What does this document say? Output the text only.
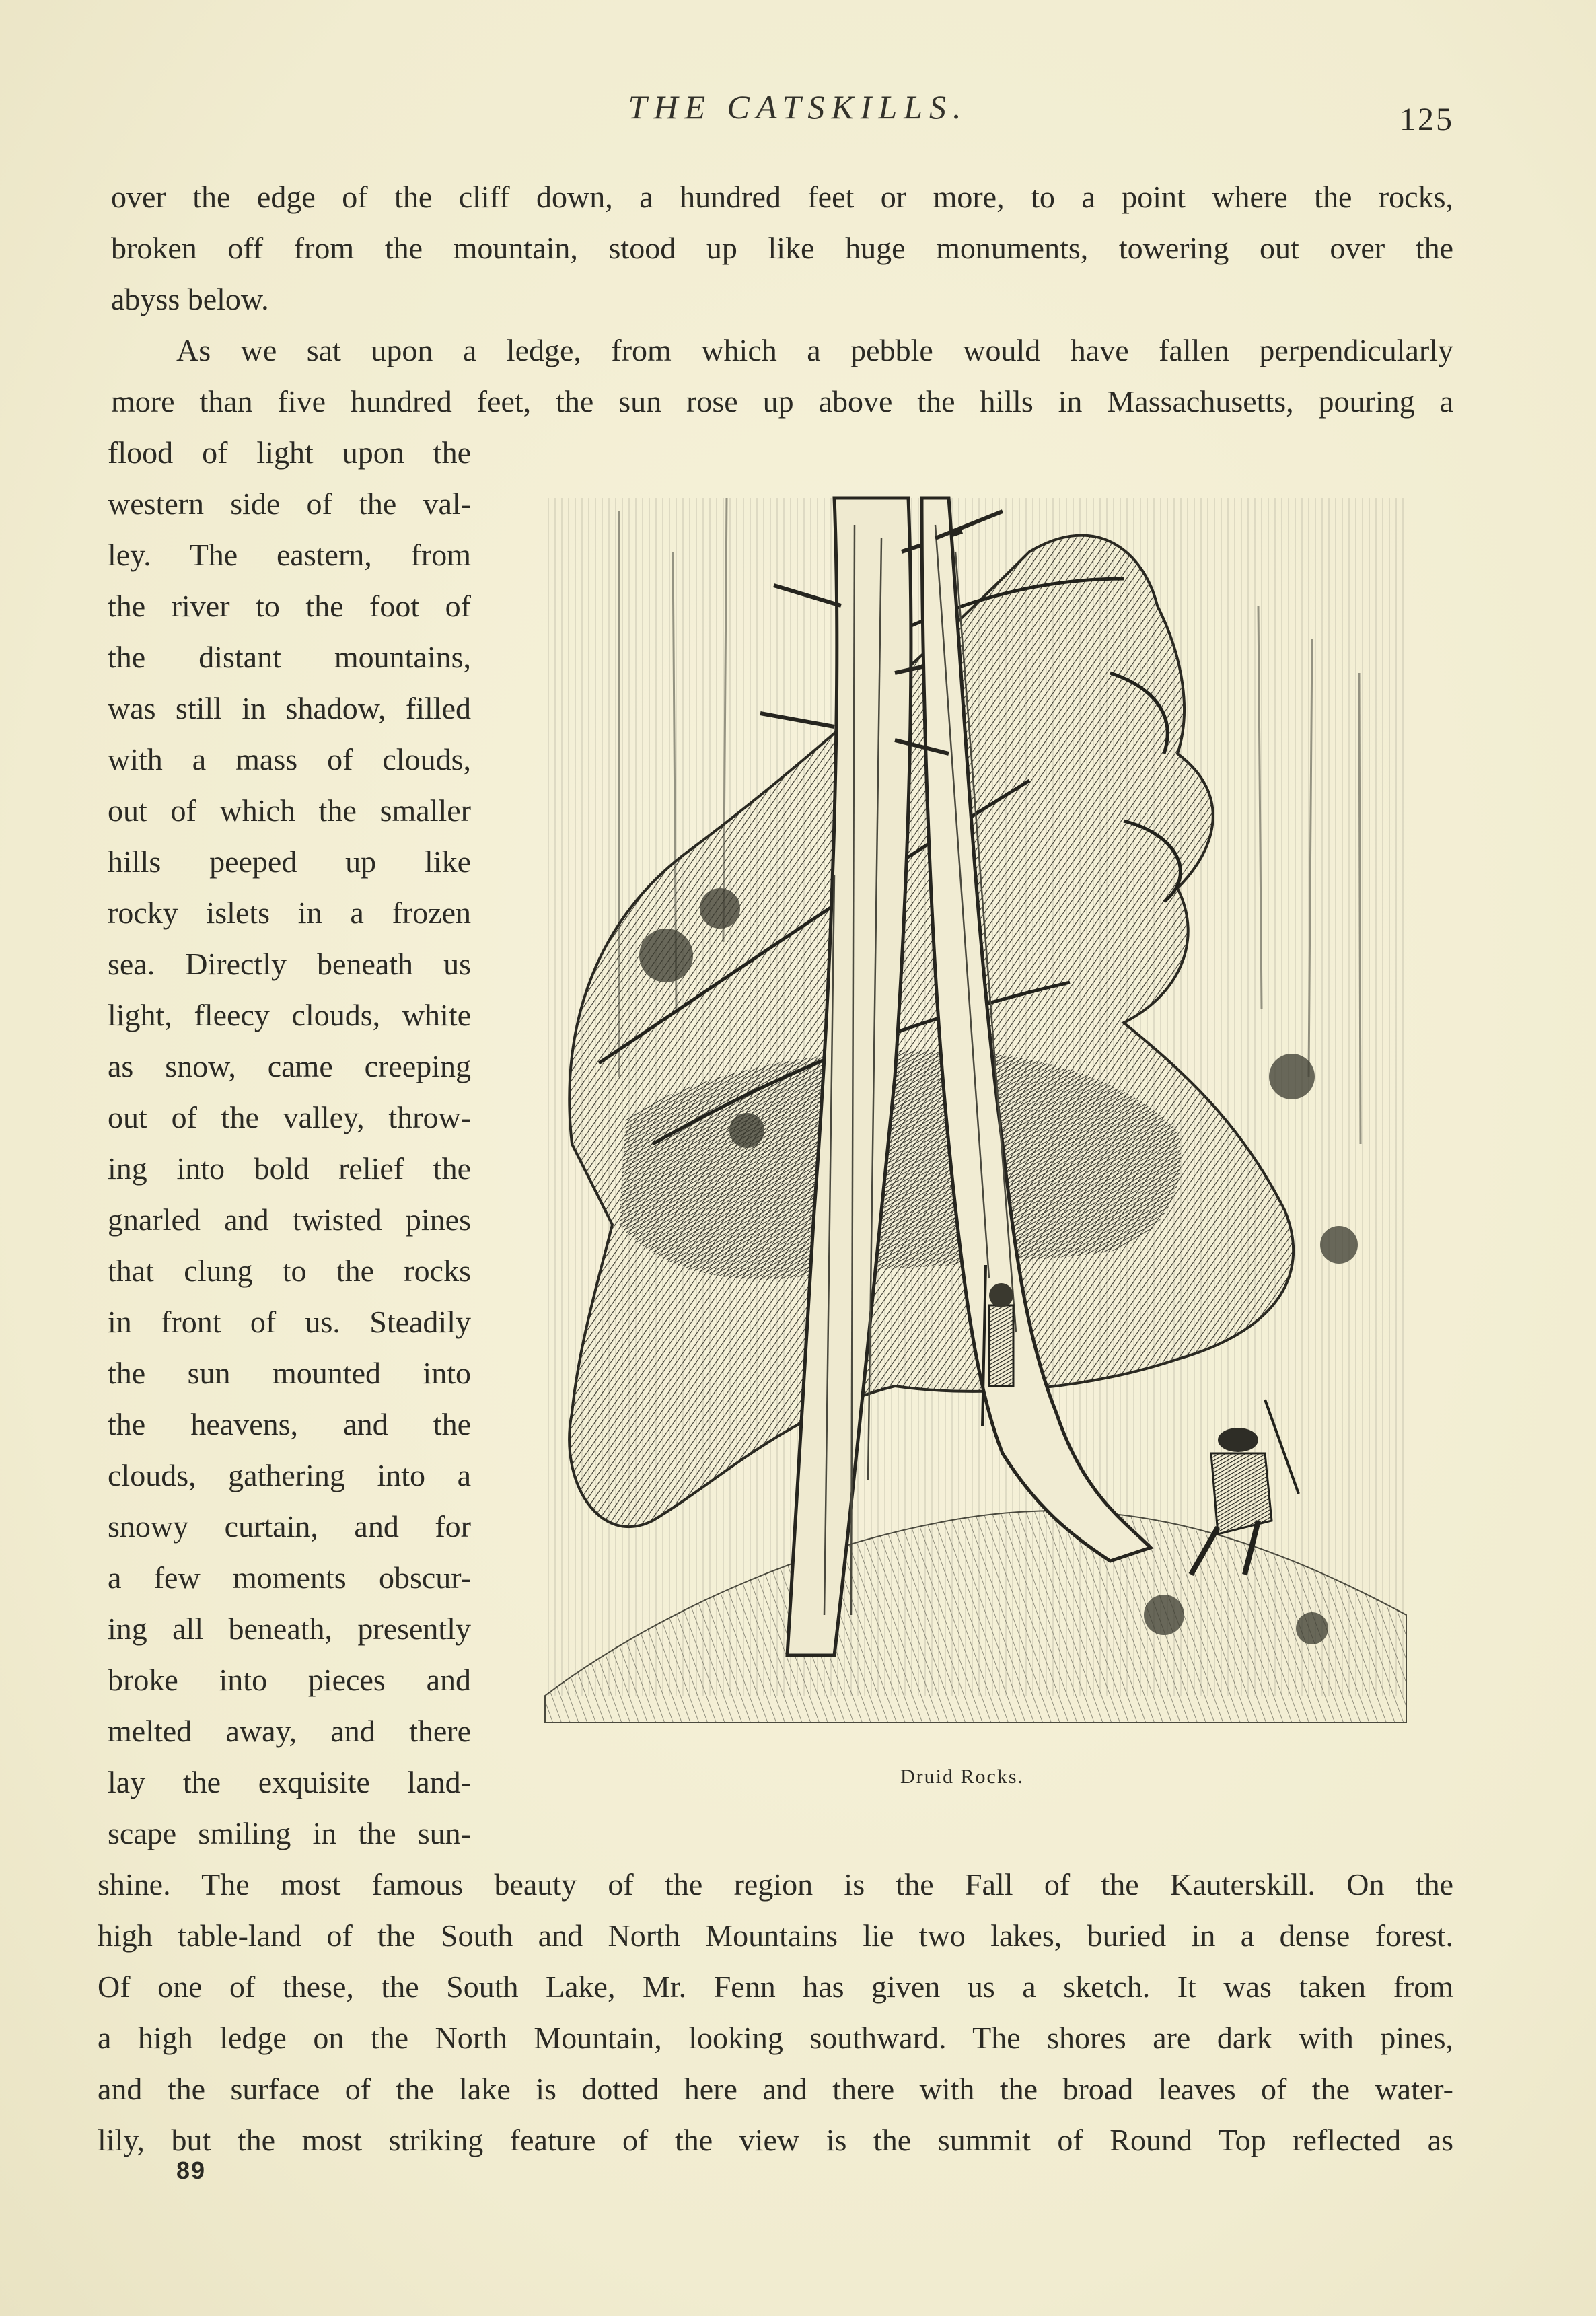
THE CATSKILLS.	125

over the edge of the cliff down, a hundred feet or more, to a point where the rocks,

broken off from the mountain, stood up like huge monuments, towering out over the

abyss below.

As we sat upon a ledge, from which a pebble would have fallen perpendicularly

more than five hundred feet, the sun rose up above the hills in Massachusetts, pouring a

flood of light upon the

western side of the val-

ley. The eastern, from

the river to the foot of

the distant mountains,

was still in shadow, filled

with a mass of clouds,

out of which the smaller

hills peeped up like

rocky islets in a frozen

sea. Directly beneath us

light, fleecy clouds, white

as snow, came creeping

out of the valley, throw-

ing into bold relief the

gnarled and twisted pines

that clung to the rocks

in front of us. Steadily

the sun mounted into

the heavens, and the

clouds, gathering into a

snowy curtain, and for

a few moments obscur-

ing all beneath, presently

broke into pieces and

melted away, and there

lay the exquisite land-

scape smiling in the sun-

Druid Rocks.

shine. The most famous beauty of the region is the Fall of the Kauterskill. On the

high table-land of the South and North Mountains lie two lakes, buried in a dense forest.

Of one of these, the South Lake, Mr. Fenn has given us a sketch. It was taken from

a high ledge on the North Mountain, looking southward. The shores are dark with pines,

and the surface of the lake is dotted here and there with the broad leaves of the water-

lily, but the most striking feature of the view is the summit of Round Top reflected as

89
